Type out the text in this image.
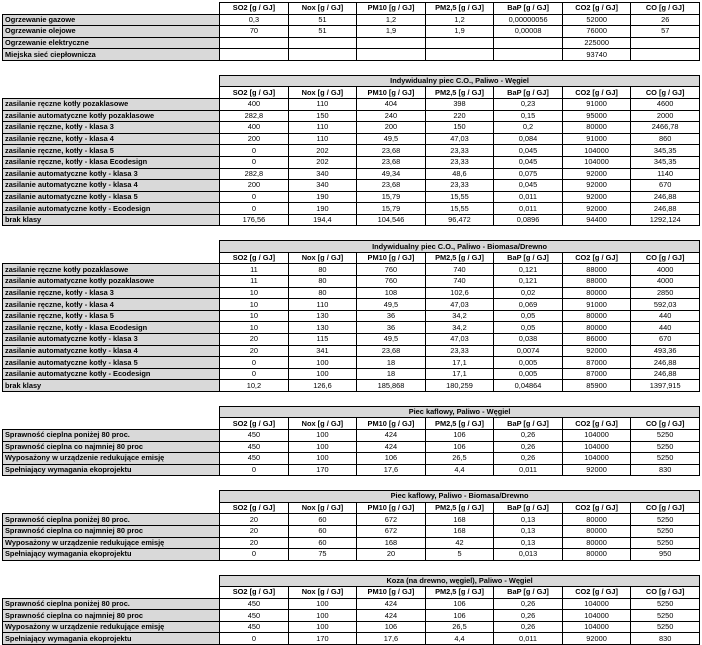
	SO2 [g / GJ]	Nox [g / GJ]	PM10 [g / GJ]	PM2,5 [g / GJ]	BaP [g / GJ]	CO2 [g / GJ]	CO [g / GJ]
Ogrzewanie gazowe	0,3	51	1,2	1,2	0,00000056	52000	26
Ogrzewanie olejowe	70	51	1,9	1,9	0,00008	76000	57
Ogrzewanie elektryczne						225000	
Miejska sieć ciepłownicza						93740	
	Indywidualny piec C.O., Paliwo - Węgiel						
	SO2 [g / GJ]	Nox [g / GJ]	PM10 [g / GJ]	PM2,5 [g / GJ]	BaP [g / GJ]	CO2 [g / GJ]	CO [g / GJ]
zasilanie ręczne kotły pozaklasowe	400	110	404	398	0,23	91000	4600
zasilanie automatyczne kotły pozaklasowe	282,8	150	240	220	0,15	95000	2000
zasilanie ręczne, kotły - klasa 3	400	110	200	150	0,2	80000	2466,78
zasilanie ręczne, kotły - klasa 4	200	110	49,5	47,03	0,084	91000	860
zasilanie ręczne, kotły - klasa 5	0	202	23,68	23,33	0,045	104000	345,35
zasilanie ręczne, kotły - klasa Ecodesign	0	202	23,68	23,33	0,045	104000	345,35
zasilanie automatyczne kotły - klasa 3	282,8	340	49,34	48,6	0,075	92000	1140
zasilanie automatyczne kotły - klasa 4	200	340	23,68	23,33	0,045	92000	670
zasilanie automatyczne kotły - klasa 5	0	190	15,79	15,55	0,011	92000	246,88
zasilanie automatyczne kotły - Ecodesign	0	190	15,79	15,55	0,011	92000	246,88
brak klasy	176,56	194,4	104,546	96,472	0,0896	94400	1292,124
	Indywidualny piec C.O., Paliwo - Biomasa/Drewno						
	SO2 [g / GJ]	Nox [g / GJ]	PM10 [g / GJ]	PM2,5 [g / GJ]	BaP [g / GJ]	CO2 [g / GJ]	CO [g / GJ]
zasilanie ręczne kotły pozaklasowe	11	80	760	740	0,121	88000	4000
zasilanie automatyczne kotły pozaklasowe	11	80	760	740	0,121	88000	4000
zasilanie ręczne, kotły - klasa 3	10	80	108	102,6	0,02	80000	2850
zasilanie ręczne, kotły - klasa 4	10	110	49,5	47,03	0,069	91000	592,03
zasilanie ręczne, kotły - klasa 5	10	130	36	34,2	0,05	80000	440
zasilanie ręczne, kotły - klasa Ecodesign	10	130	36	34,2	0,05	80000	440
zasilanie automatyczne kotły - klasa 3	20	115	49,5	47,03	0,038	86000	670
zasilanie automatyczne kotły - klasa 4	20	341	23,68	23,33	0,0074	92000	493,36
zasilanie automatyczne kotły - klasa 5	0	100	18	17,1	0,005	87000	246,88
zasilanie automatyczne kotły - Ecodesign	0	100	18	17,1	0,005	87000	246,88
brak klasy	10,2	126,6	185,868	180,259	0,04864	85900	1397,915
	Piec kaflowy, Paliwo - Węgiel						
	SO2 [g / GJ]	Nox [g / GJ]	PM10 [g / GJ]	PM2,5 [g / GJ]	BaP [g / GJ]	CO2 [g / GJ]	CO [g / GJ]
Sprawność cieplna poniżej 80 proc.	450	100	424	106	0,26	104000	5250
Sprawność cieplna co najmniej 80 proc	450	100	424	106	0,26	104000	5250
Wyposażony w urządzenie redukujące emisję	450	100	106	26,5	0,26	104000	5250
Spełniający wymagania ekoprojektu	0	170	17,6	4,4	0,011	92000	830
	Piec kaflowy, Paliwo - Biomasa/Drewno						
	SO2 [g / GJ]	Nox [g / GJ]	PM10 [g / GJ]	PM2,5 [g / GJ]	BaP [g / GJ]	CO2 [g / GJ]	CO [g / GJ]
Sprawność cieplna poniżej 80 proc.	20	60	672	168	0,13	80000	5250
Sprawność cieplna co najmniej 80 proc	20	60	672	168	0,13	80000	5250
Wyposażony w urządzenie redukujące emisję	20	60	168	42	0,13	80000	5250
Spełniający wymagania ekoprojektu	0	75	20	5	0,013	80000	950
	Koza (na drewno, węgiel), Paliwo - Węgiel						
	SO2 [g / GJ]	Nox [g / GJ]	PM10 [g / GJ]	PM2,5 [g / GJ]	BaP [g / GJ]	CO2 [g / GJ]	CO [g / GJ]
Sprawność cieplna poniżej 80 proc.	450	100	424	106	0,26	104000	5250
Sprawność cieplna co najmniej 80 proc	450	100	424	106	0,26	104000	5250
Wyposażony w urządzenie redukujące emisję	450	100	106	26,5	0,26	104000	5250
Spełniający wymagania ekoprojektu	0	170	17,6	4,4	0,011	92000	830
